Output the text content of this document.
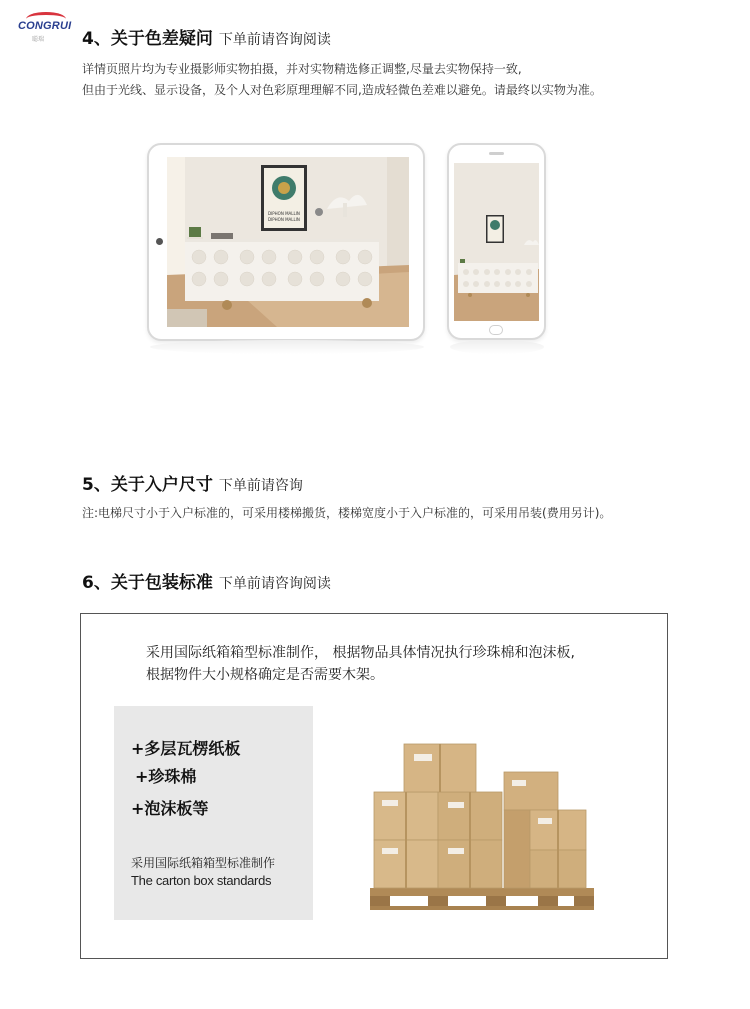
CONGRUI
聪瑞 4、关于色差疑问 下单前请咨询阅读
详情页照片均为专业摄影师实物拍摄，并对实物精选修正调整,尽量去实物保持一致,
但由于光线、显示设备，及个人对色彩原理理解不同,造成轻微色差难以避免。请最终以实物为准。
DIPHON MALLIN
DIPHON MALLIN
5、关于入户尺寸 下单前请咨询
注:电梯尺寸小于入户标准的，可采用楼梯搬货，楼梯宽度小于入户标准的，可采用吊装(费用另计)。
6、关于包装标准 下单前请咨询阅读
采用国际纸箱箱型标准制作， 根据物品具体情况执行珍珠棉和泡沫板,
根据物件大小规格确定是否需要木架。
+多层瓦楞纸板
+珍珠棉
+泡沫板等
采用国际纸箱箱型标准制作
The carton box standards
